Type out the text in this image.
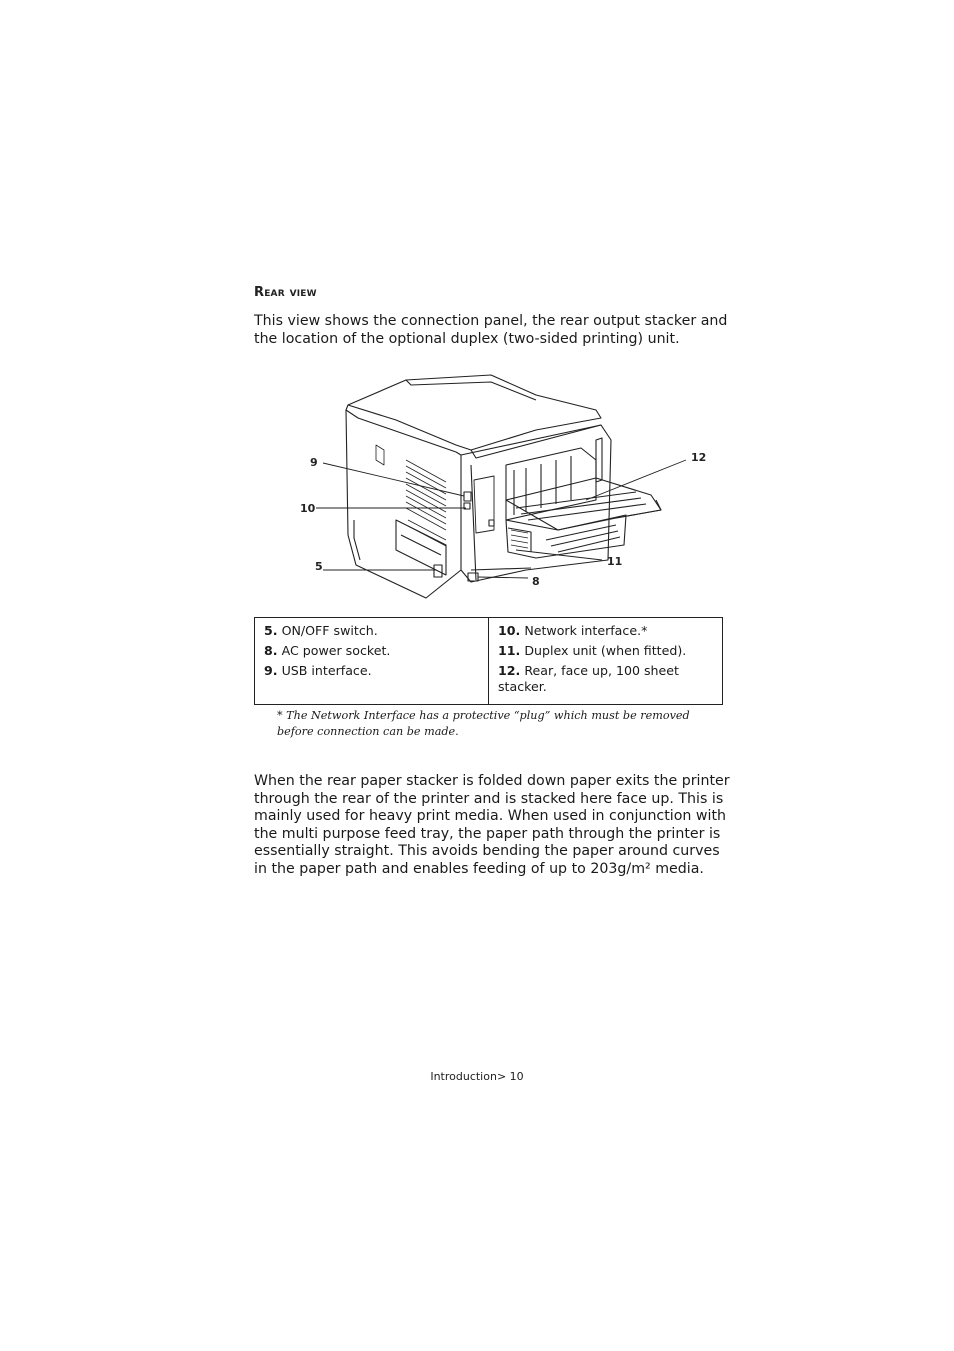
Rear view
This view shows the connection panel, the rear output stacker and the location of the optional duplex (two-sided printing) unit.
9
10
5
12
11
8
5. ON/OFF switch.
8. AC power socket.
9. USB interface.

10. Network interface.*
11. Duplex unit (when fitted).
12. Rear, face up, 100 sheet stacker.
* The Network Interface has a protective “plug” which must be removed before connection can be made.
When the rear paper stacker is folded down paper exits the printer through the rear of the printer and is stacked here face up. This is mainly used for heavy print media. When used in conjunction with the multi purpose feed tray, the paper path through the printer is essentially straight. This avoids bending the paper around curves in the paper path and enables feeding of up to 203g/m² media.
Introduction> 10
